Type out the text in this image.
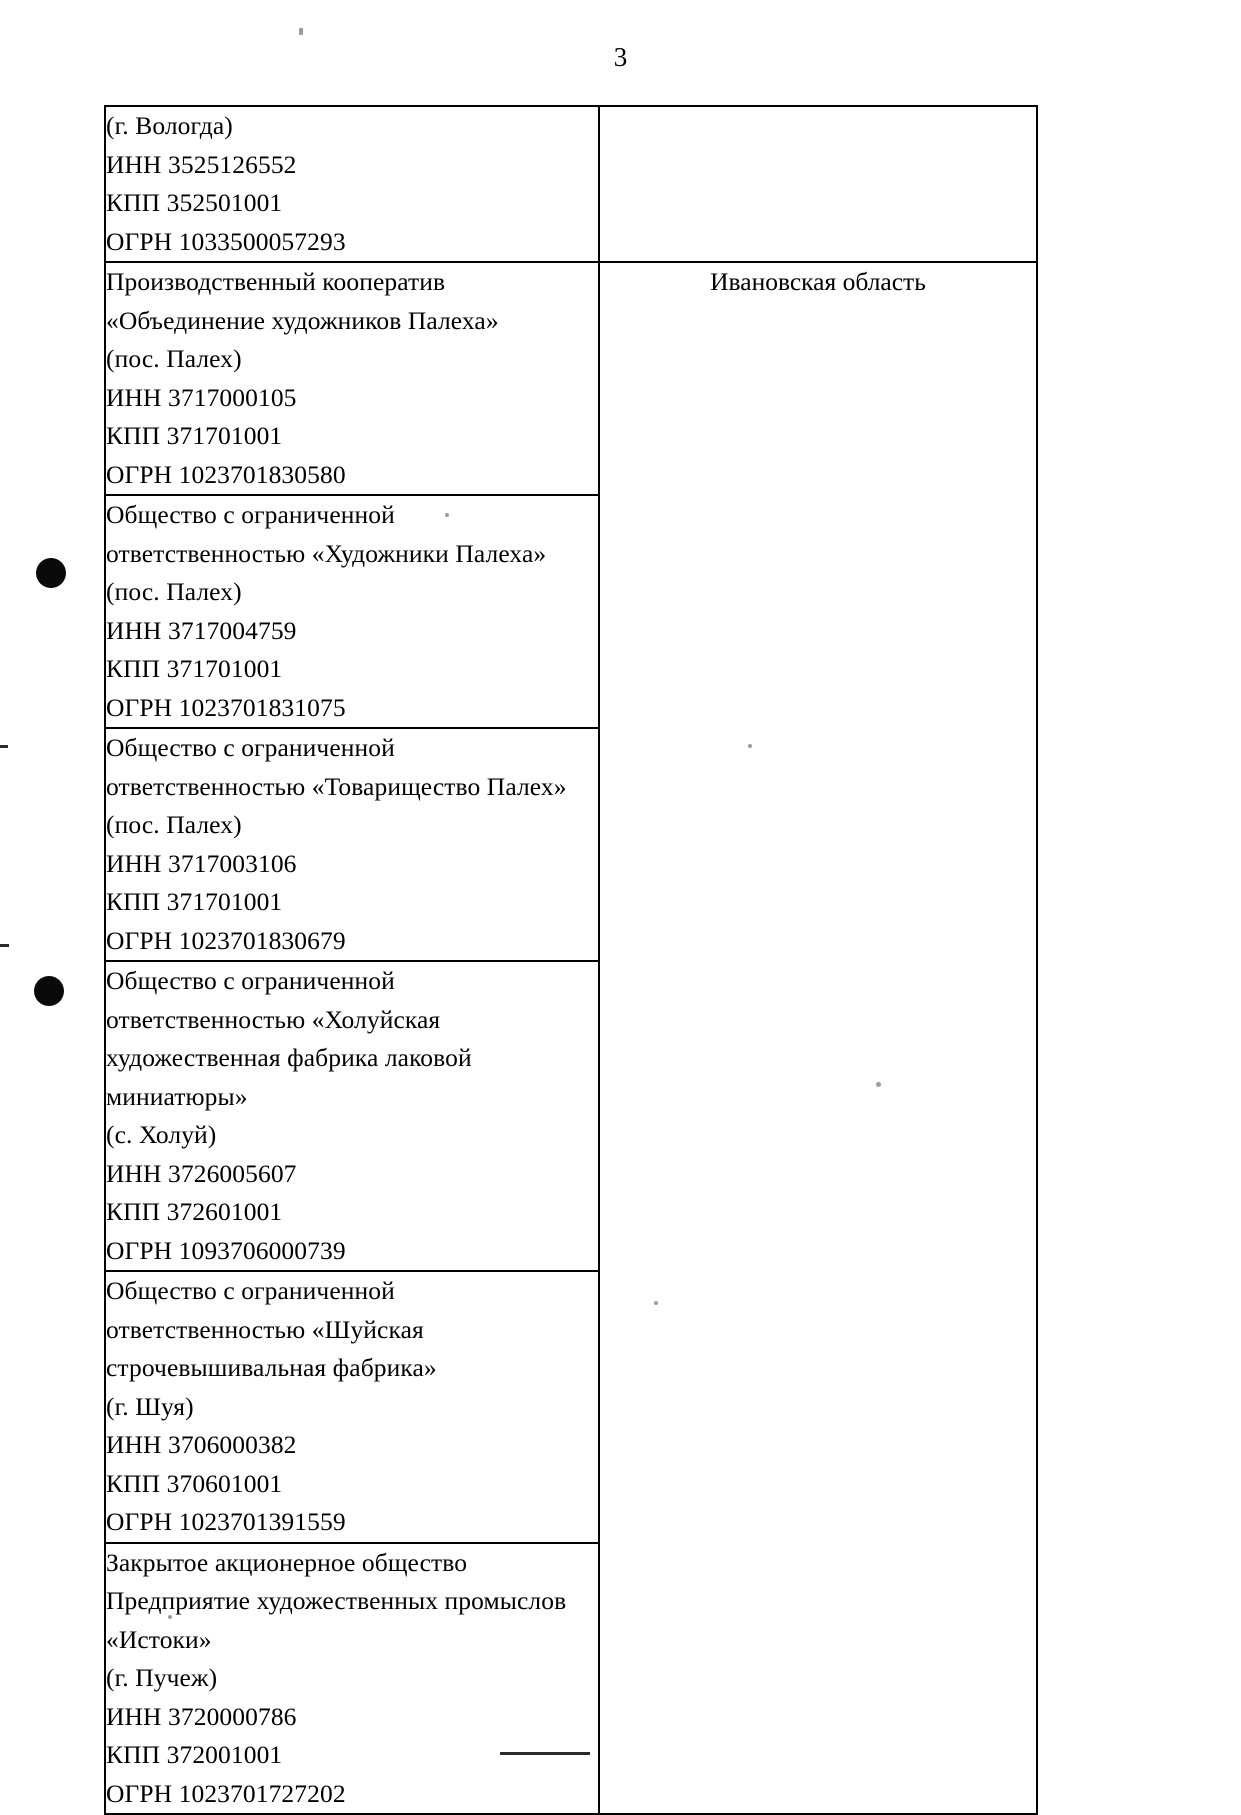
3
(г. Вологда)
ИНН 3525126552
КПП 352501001
ОГРН 1033500057293	

Производственный кооператив
«Объединение художников Палеха»
(пос. Палех)
ИНН 3717000105
КПП 371701001
ОГРН 1023701830580

Ивановская область

Общество с ограниченной
ответственностью «Художники Палеха»
(пос. Палех)
ИНН 3717004759
КПП 371701001
ОГРН 1023701831075

Общество с ограниченной
ответственностью «Товарищество Палех»
(пос. Палех)
ИНН 3717003106
КПП 371701001
ОГРН 1023701830679

Общество с ограниченной
ответственностью «Холуйская
художественная фабрика лаковой
миниатюры»
(с. Холуй)
ИНН 3726005607
КПП 372601001
ОГРН 1093706000739

Общество с ограниченной
ответственностью «Шуйская
строчевышивальная фабрика»
(г. Шуя)
ИНН 3706000382
КПП 370601001
ОГРН 1023701391559

Закрытое акционерное общество
Предприятие художественных промыслов
«Истоки»
(г. Пучеж)
ИНН 3720000786
КПП 372001001
ОГРН 1023701727202
